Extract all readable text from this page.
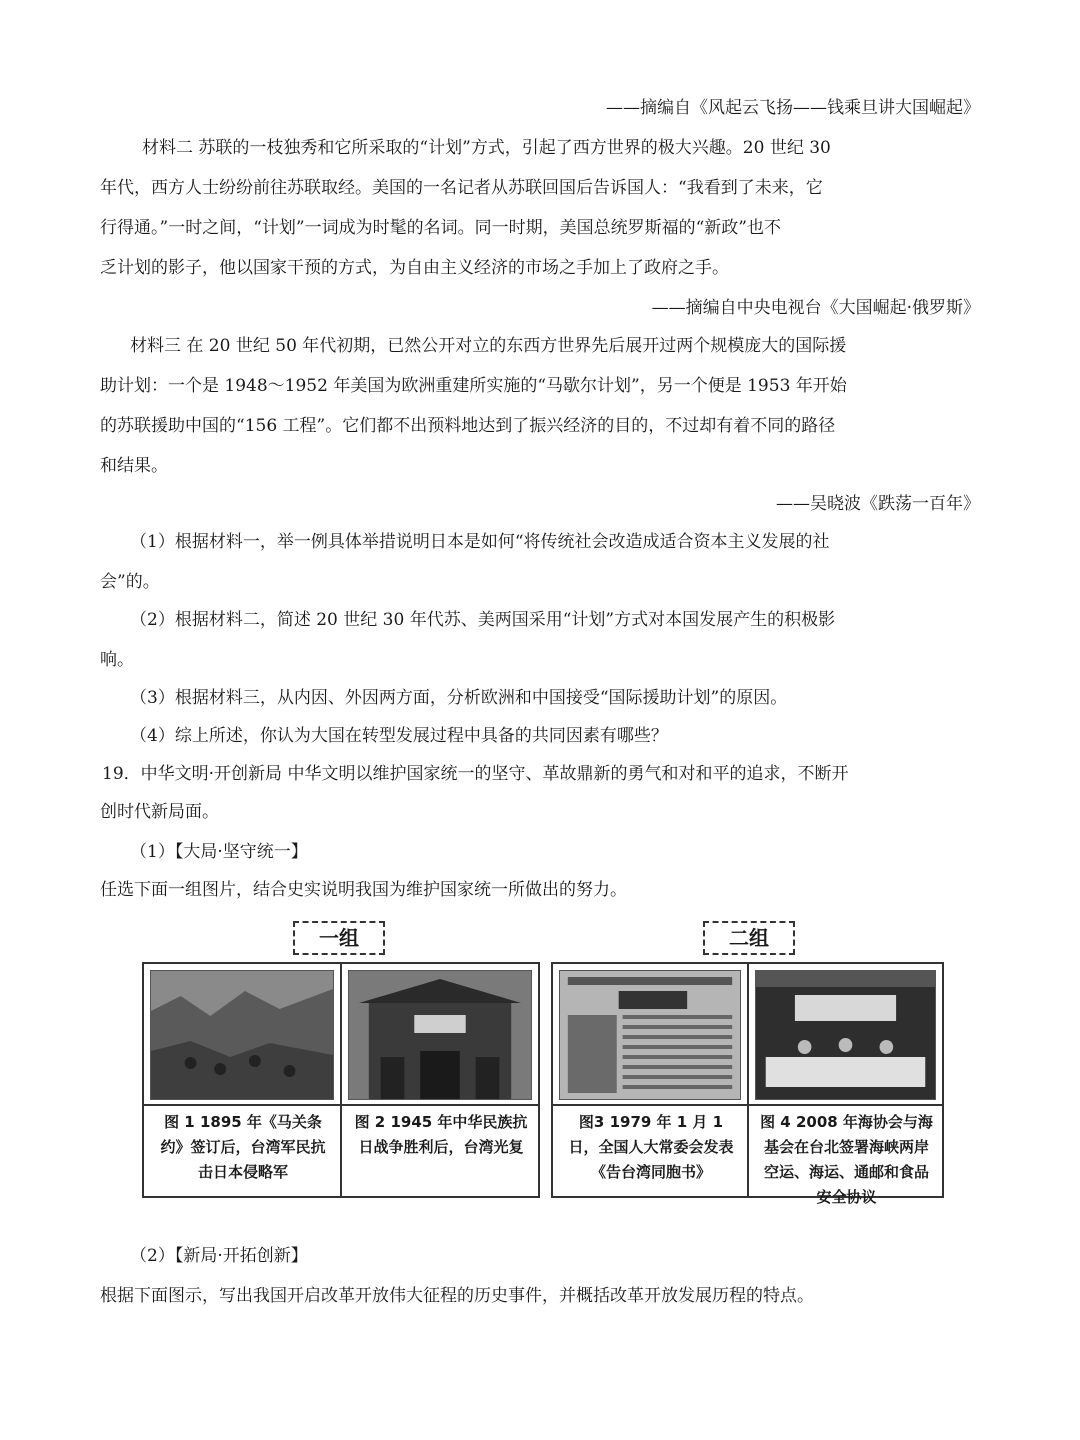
——摘编自《风起云飞扬——钱乘旦讲大国崛起》

材料二 苏联的一枝独秀和它所采取的“计划”方式，引起了西方世界的极大兴趣。20 世纪 30

年代，西方人士纷纷前往苏联取经。美国的一名记者从苏联回国后告诉国人：“我看到了未来，它

行得通。”一时之间，“计划”一词成为时髦的名词。同一时期，美国总统罗斯福的“新政”也不

乏计划的影子，他以国家干预的方式，为自由主义经济的市场之手加上了政府之手。

——摘编自中央电视台《大国崛起·俄罗斯》

材料三 在 20 世纪 50 年代初期，已然公开对立的东西方世界先后展开过两个规模庞大的国际援

助计划：一个是 1948～1952 年美国为欧洲重建所实施的“马歇尔计划”，另一个便是 1953 年开始

的苏联援助中国的“156 工程”。它们都不出预料地达到了振兴经济的目的，不过却有着不同的路径

和结果。

——吴晓波《跌荡一百年》

（1）根据材料一，举一例具体举措说明日本是如何“将传统社会改造成适合资本主义发展的社

会”的。

（2）根据材料二，简述 20 世纪 30 年代苏、美两国采用“计划”方式对本国发展产生的积极影

响。

（3）根据材料三，从内因、外因两方面，分析欧洲和中国接受“国际援助计划”的原因。

（4）综上所述，你认为大国在转型发展过程中具备的共同因素有哪些？

19．中华文明·开创新局 中华文明以维护国家统一的坚守、革故鼎新的勇气和对和平的追求，不断开

创时代新局面。

（1）【大局·坚守统一】

任选下面一组图片，结合史实说明我国为维护国家统一所做出的努力。

一组	二组
图 1 1895 年《马关条约》签订后，台湾军民抗击日本侵略军
图 2 1945 年中华民族抗日战争胜利后，台湾光复
图3 1979 年 1 月 1 日，全国人大常委会发表《告台湾同胞书》
图 4 2008 年海协会与海基会在台北签署海峡两岸空运、海运、通邮和食品安全协议

（2）【新局·开拓创新】

根据下面图示，写出我国开启改革开放伟大征程的历史事件，并概括改革开放发展历程的特点。
